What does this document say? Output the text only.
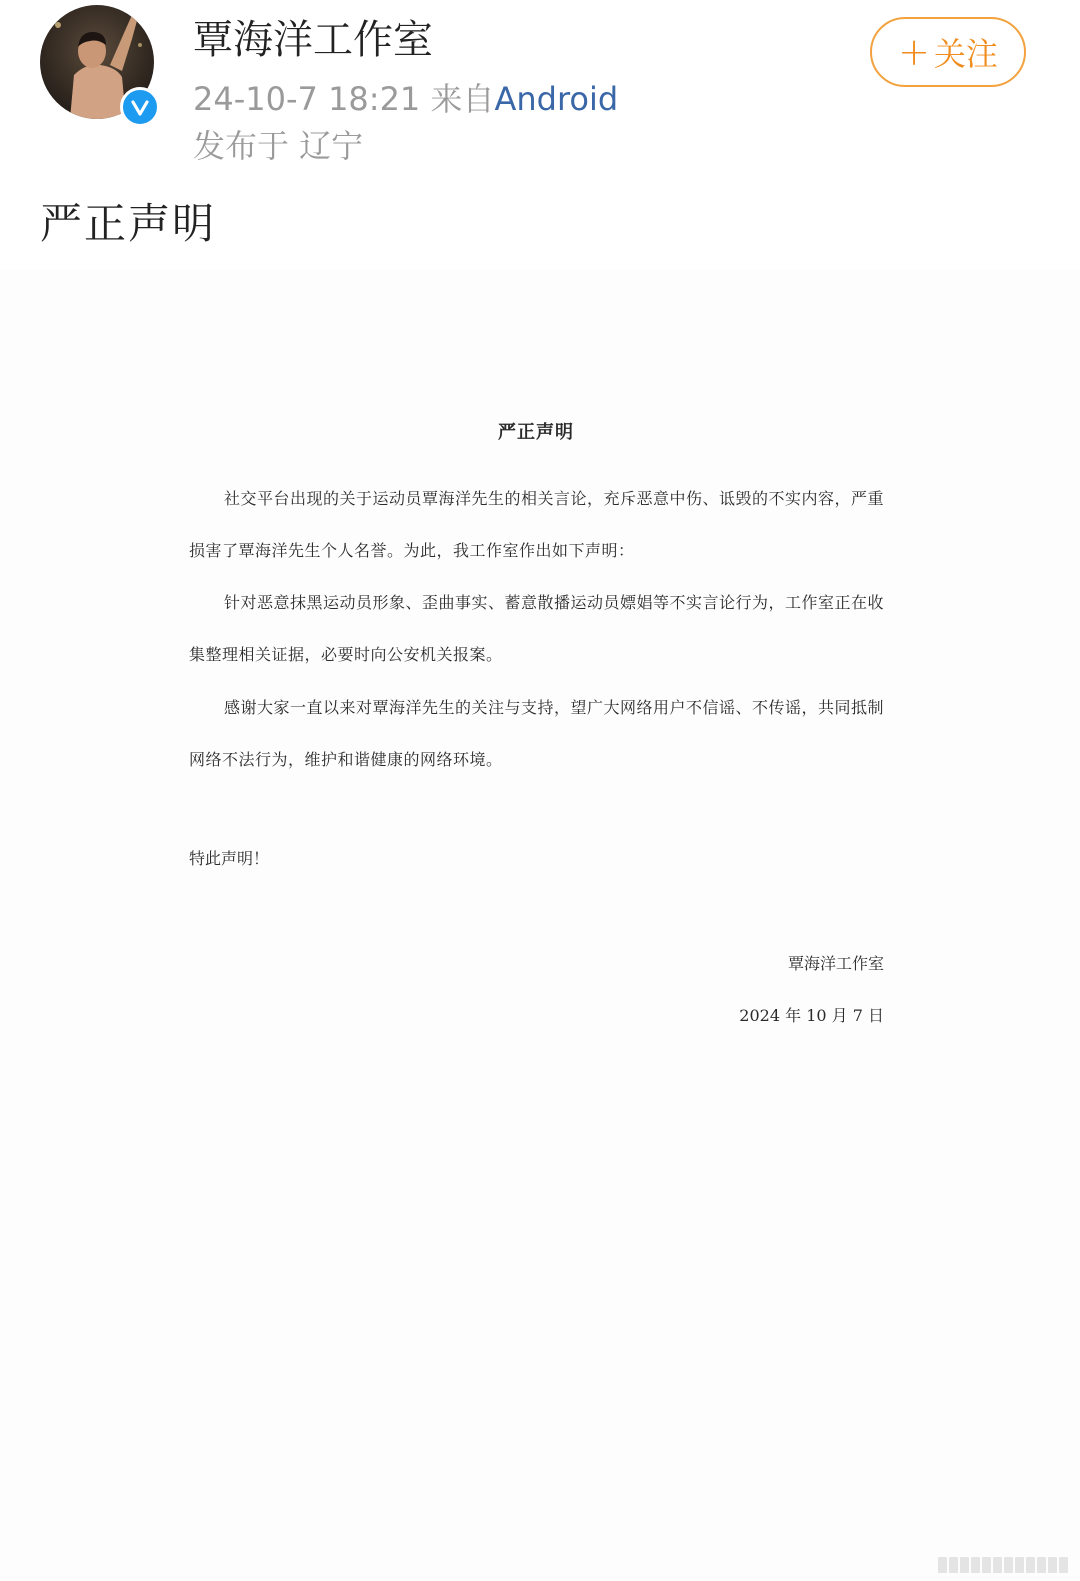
覃海洋工作室
24-10-7 18:21 来自Android
发布于 辽宁
+ 关注
严正声明
严正声明
社交平台出现的关于运动员覃海洋先生的相关言论，充斥恶意中伤、诋毁的不实内容，严重损害了覃海洋先生个人名誉。为此，我工作室作出如下声明：
针对恶意抹黑运动员形象、歪曲事实、蓄意散播运动员嫖娼等不实言论行为，工作室正在收集整理相关证据，必要时向公安机关报案。
感谢大家一直以来对覃海洋先生的关注与支持，望广大网络用户不信谣、不传谣，共同抵制网络不法行为，维护和谐健康的网络环境。
特此声明！
覃海洋工作室
2024 年 10 月 7 日
